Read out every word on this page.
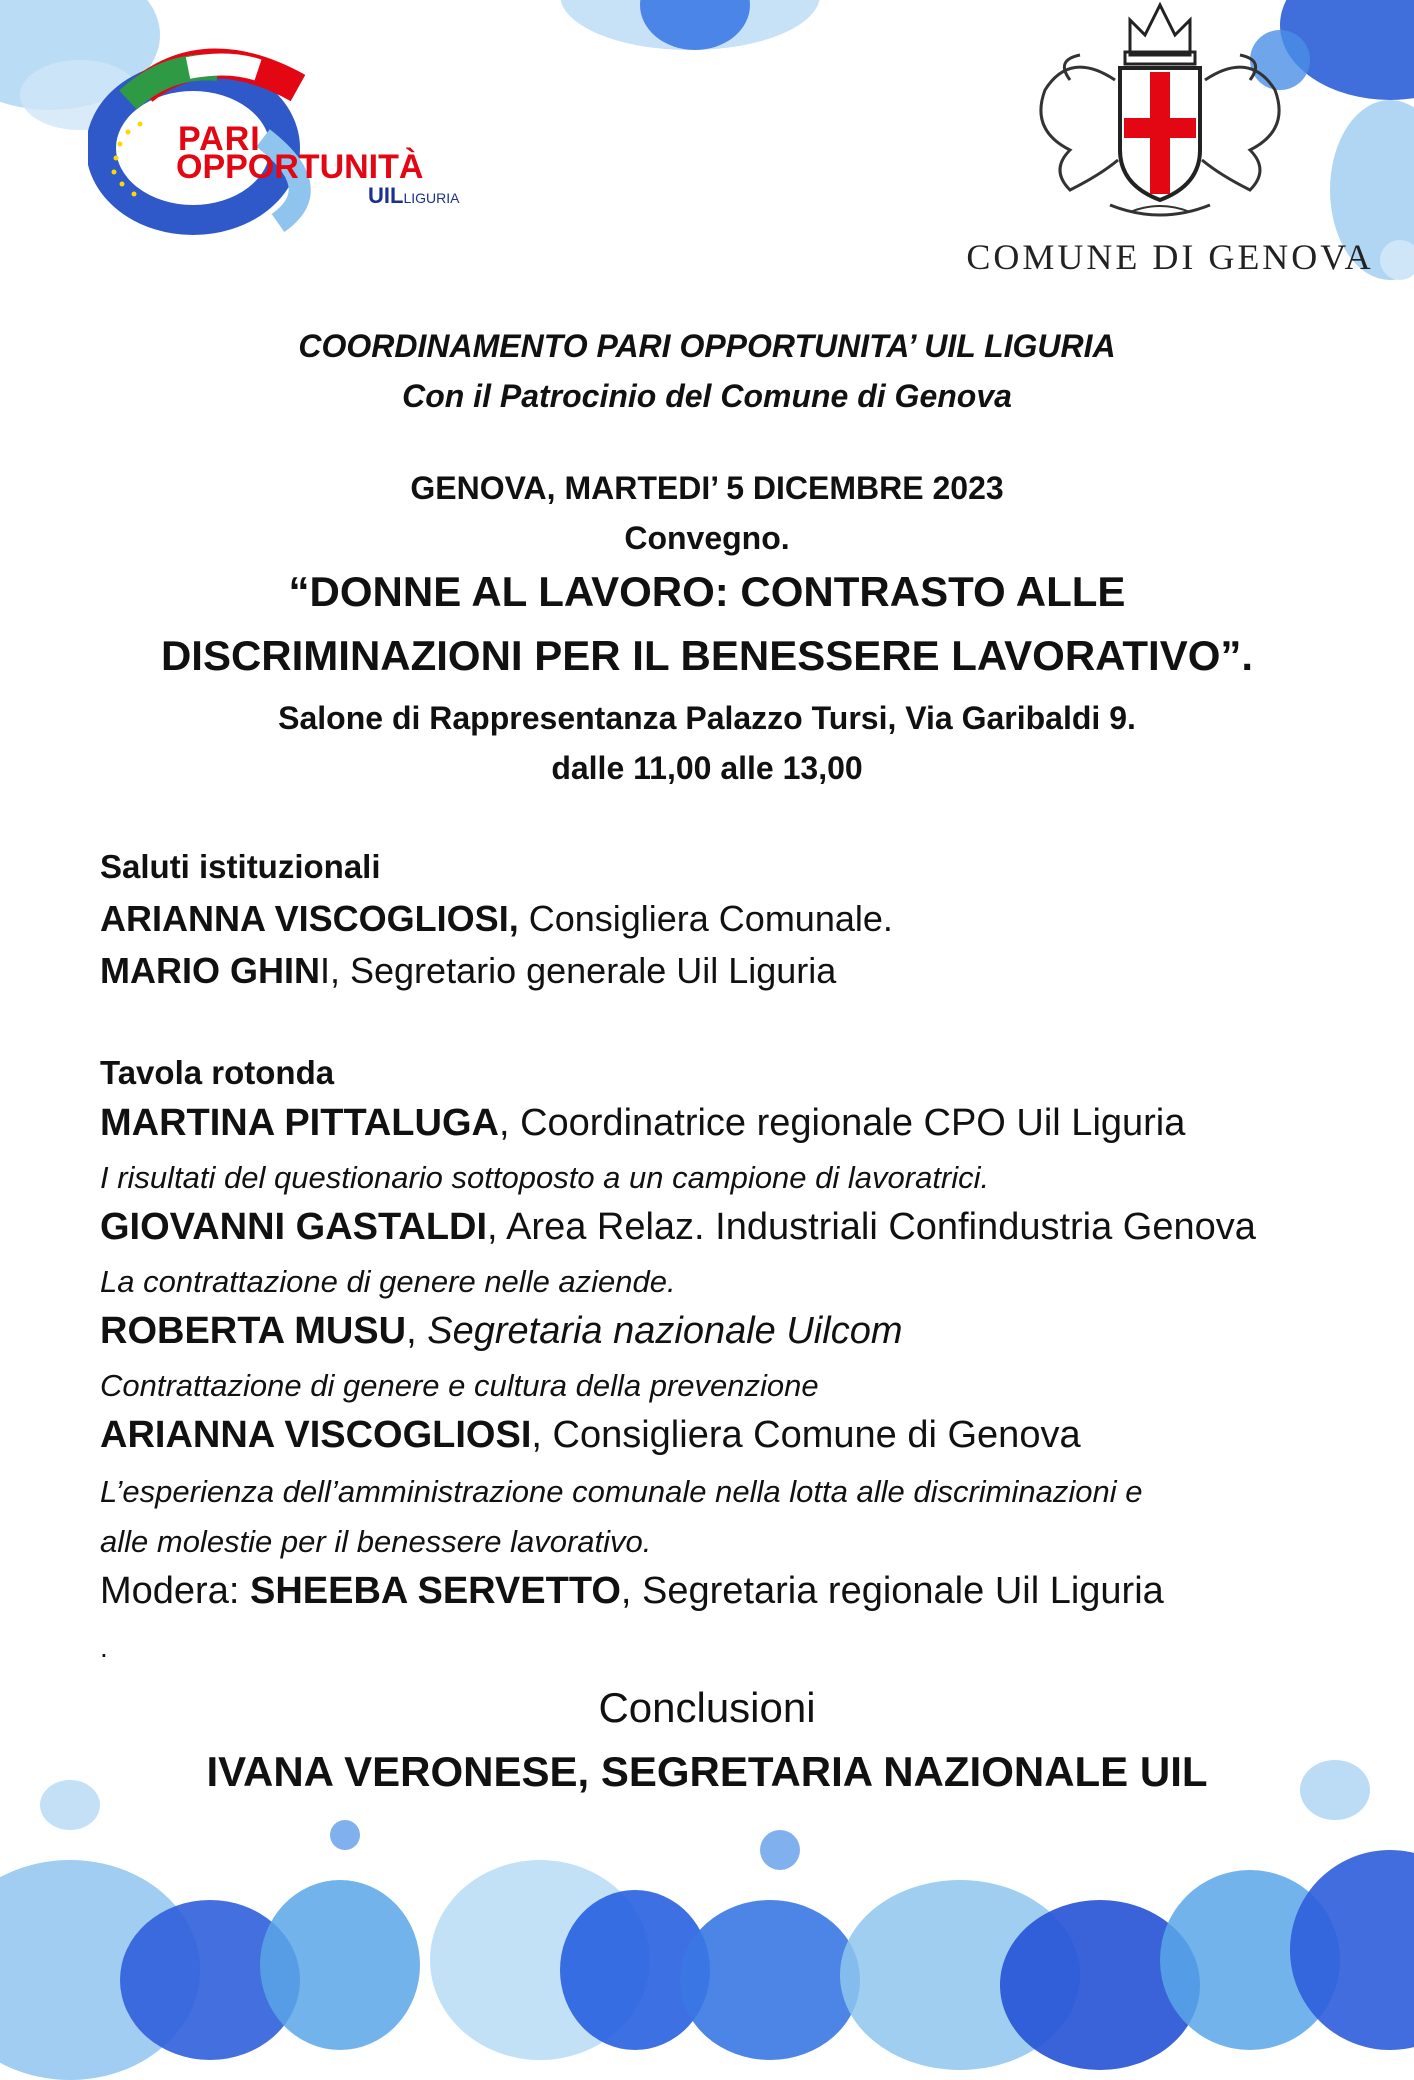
PARI
OPPORTUNITÀ
UILLIGURIA
COMUNE DI GENOVA
COORDINAMENTO PARI OPPORTUNITA’ UIL LIGURIA
Con il Patrocinio del Comune di Genova
GENOVA, MARTEDI’ 5 DICEMBRE 2023
Convegno.
“DONNE AL LAVORO: CONTRASTO ALLE
DISCRIMINAZIONI PER IL BENESSERE LAVORATIVO”.
Salone di Rappresentanza Palazzo Tursi, Via Garibaldi 9.
dalle 11,00 alle 13,00
Saluti istituzionali
ARIANNA VISCOGLIOSI, Consigliera Comunale.
MARIO GHINI, Segretario generale Uil Liguria
Tavola rotonda
MARTINA PITTALUGA, Coordinatrice regionale CPO Uil Liguria
I risultati del questionario sottoposto a un campione di lavoratrici.
GIOVANNI GASTALDI, Area Relaz. Industriali Confindustria Genova
La contrattazione di genere nelle aziende.
ROBERTA MUSU, Segretaria nazionale Uilcom
Contrattazione di genere e cultura della prevenzione
ARIANNA VISCOGLIOSI, Consigliera Comune di Genova
L’esperienza dell’amministrazione comunale nella lotta alle discriminazioni e
alle molestie per il benessere lavorativo.
Modera: SHEEBA SERVETTO, Segretaria regionale Uil Liguria
.
Conclusioni
IVANA VERONESE, SEGRETARIA NAZIONALE UIL
